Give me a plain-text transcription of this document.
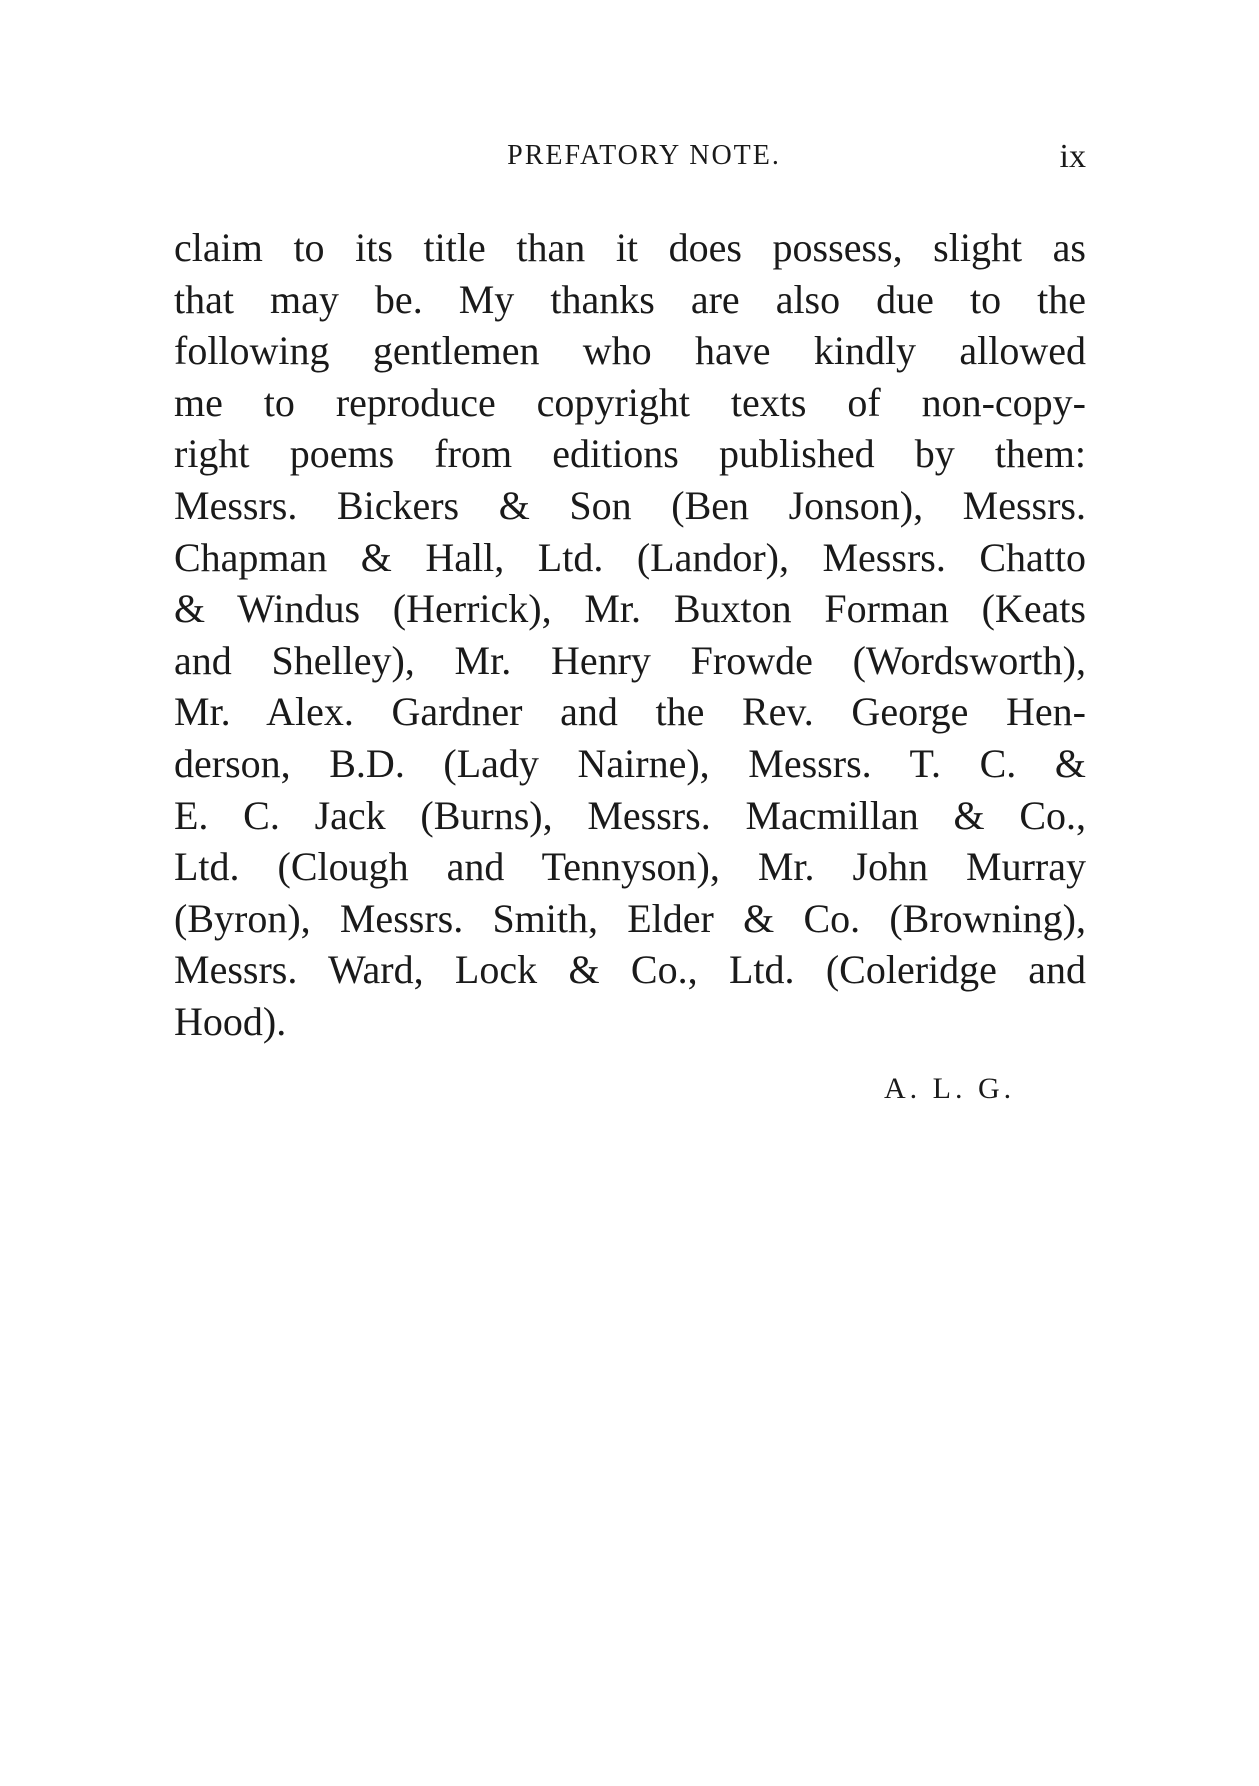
PREFATORY NOTE.	ix
claim to its title than it does possess, slight as
that may be. My thanks are also due to the
following gentlemen who have kindly allowed
me to reproduce copyright texts of non-copy-
right poems from editions published by them:
Messrs. Bickers & Son (Ben Jonson), Messrs.
Chapman & Hall, Ltd. (Landor), Messrs. Chatto
& Windus (Herrick), Mr. Buxton Forman (Keats
and Shelley), Mr. Henry Frowde (Wordsworth),
Mr. Alex. Gardner and the Rev. George Hen-
derson, B.D. (Lady Nairne), Messrs. T. C. &
E. C. Jack (Burns), Messrs. Macmillan & Co.,
Ltd. (Clough and Tennyson), Mr. John Murray
(Byron), Messrs. Smith, Elder & Co. (Browning),
Messrs. Ward, Lock & Co., Ltd. (Coleridge and
Hood).
A. L. G.
